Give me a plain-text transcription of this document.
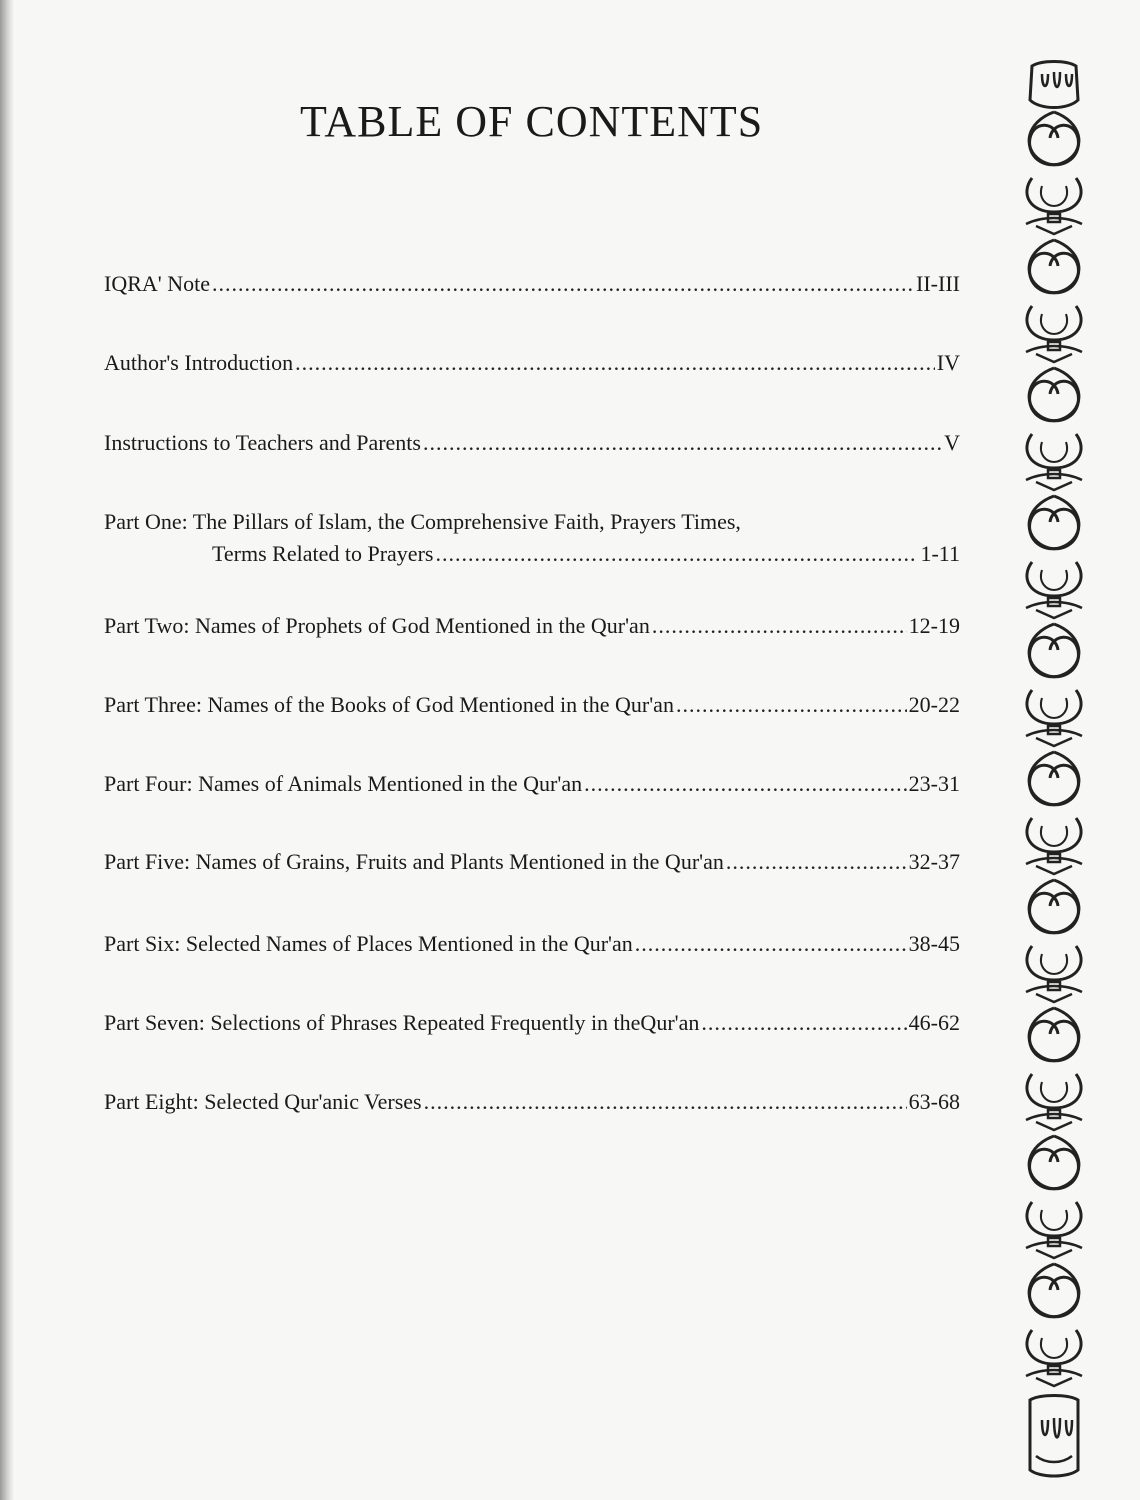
TABLE OF CONTENTS
IQRA' Note .....	II-III
Author's Introduction .....	IV
Instructions to Teachers and Parents .....	V
Part One: The Pillars of Islam, the Comprehensive Faith, Prayers Times,
Terms Related to Prayers .....	1-11
Part Two: Names of Prophets of God Mentioned in the Qur'an .....	12-19
Part Three: Names of the Books of God Mentioned in the Qur'an .....	20-22
Part Four: Names of Animals Mentioned in the Qur'an .....	23-31
Part Five: Names of Grains, Fruits and Plants Mentioned in the Qur'an .....	32-37
Part Six: Selected Names of Places Mentioned in the Qur'an .....	38-45
Part Seven: Selections of Phrases Repeated Frequently in theQur'an .....	46-62
Part Eight: Selected Qur'anic Verses .....	63-68
